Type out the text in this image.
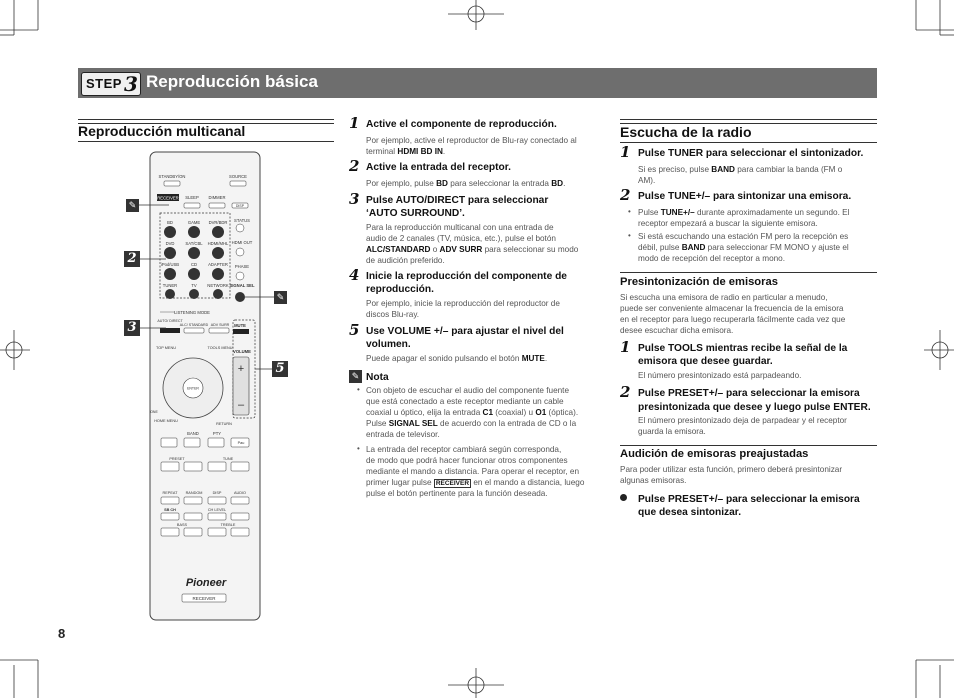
STEP 3 Reproducción básica
Reproducción multicanal
STANDBY/ON	SOURCE
RECEIVER SLEEP DIMMER
DISP
BD	GAME DVR/BDR
DVD	SAT/CBL HDMI/MHL
iPod/USB	CD	ADAPTER
TUNER	TV	NETWORK
STATUS
HDMI OUT
PHASE
SIGNAL SEL
LISTENING MODE
AUTO/ DIRECT
ALC/ STANDARD ADV SURR MUTE
VOLUME
+
–
TOP MENU	TOOLS MENU
ENTER
HOME MENU
RETURN
ONE
BAND	PTY
Pau
PRESET	TUNE
REPEAT RANDOM	DISP	AUDIO
SB CH	CH LEVEL
BASS	TREBLE
Pioneer
RECEIVER
✎
2
3
✎
5
1 Active el componente de reproducción.
Por ejemplo, active el reproductor de Blu-ray conectado al terminal HDMI BD IN.
2 Active la entrada del receptor.
Por ejemplo, pulse BD para seleccionar la entrada BD.
3 Pulse AUTO/DIRECT para seleccionar
‘AUTO SURROUND’.
Para la reproducción multicanal con una entrada de
audio de 2 canales (TV, música, etc.), pulse el botón
ALC/STANDARD o ADV SURR para seleccionar su modo
de audición preferido.
4 Inicie la reproducción del componente de
reproducción.
Por ejemplo, inicie la reproducción del reproductor de
discos Blu-ray.
5 Use VOLUME +/– para ajustar el nivel del
volumen.
Puede apagar el sonido pulsando el botón MUTE.
✎ Nota
• Con objeto de escuchar el audio del componente fuente
que está conectado a este receptor mediante un cable
coaxial u óptico, elija la entrada C1 (coaxial) u O1 (óptica).
Pulse SIGNAL SEL de acuerdo con la entrada de CD o la
entrada de televisor.
• La entrada del receptor cambiará según corresponda,
de modo que podrá hacer funcionar otros componentes
mediante el mando a distancia. Para operar el receptor, en
primer lugar pulse RECEIVER en el mando a distancia, luego
pulse el botón pertinente para la función deseada.
Escucha de la radio
1 Pulse TUNER para seleccionar el sintonizador.
Si es preciso, pulse BAND para cambiar la banda (FM o
AM).
2 Pulse TUNE+/– para sintonizar una emisora.
• Pulse TUNE+/– durante aproximadamente un segundo. El
receptor empezará a buscar la siguiente emisora.
• Si está escuchando una estación FM pero la recepción es
débil, pulse BAND para seleccionar FM MONO y ajuste el
modo de recepción del receptor a mono.
Presintonización de emisoras
Si escucha una emisora de radio en particular a menudo,
puede ser conveniente almacenar la frecuencia de la emisora
en el receptor para luego recuperarla fácilmente cada vez que
desee escuchar dicha emisora.
1 Pulse TOOLS mientras recibe la señal de la
emisora que desee guardar.
El número presintonizado está parpadeando.
2 Pulse PRESET+/– para seleccionar la emisora
presintonizada que desee y luego pulse ENTER.
El número presintonizado deja de parpadear y el receptor
guarda la emisora.
Audición de emisoras preajustadas
Para poder utilizar esta función, primero deberá presintonizar
algunas emisoras.
Pulse PRESET+/– para seleccionar la emisora
que desea sintonizar.
8
